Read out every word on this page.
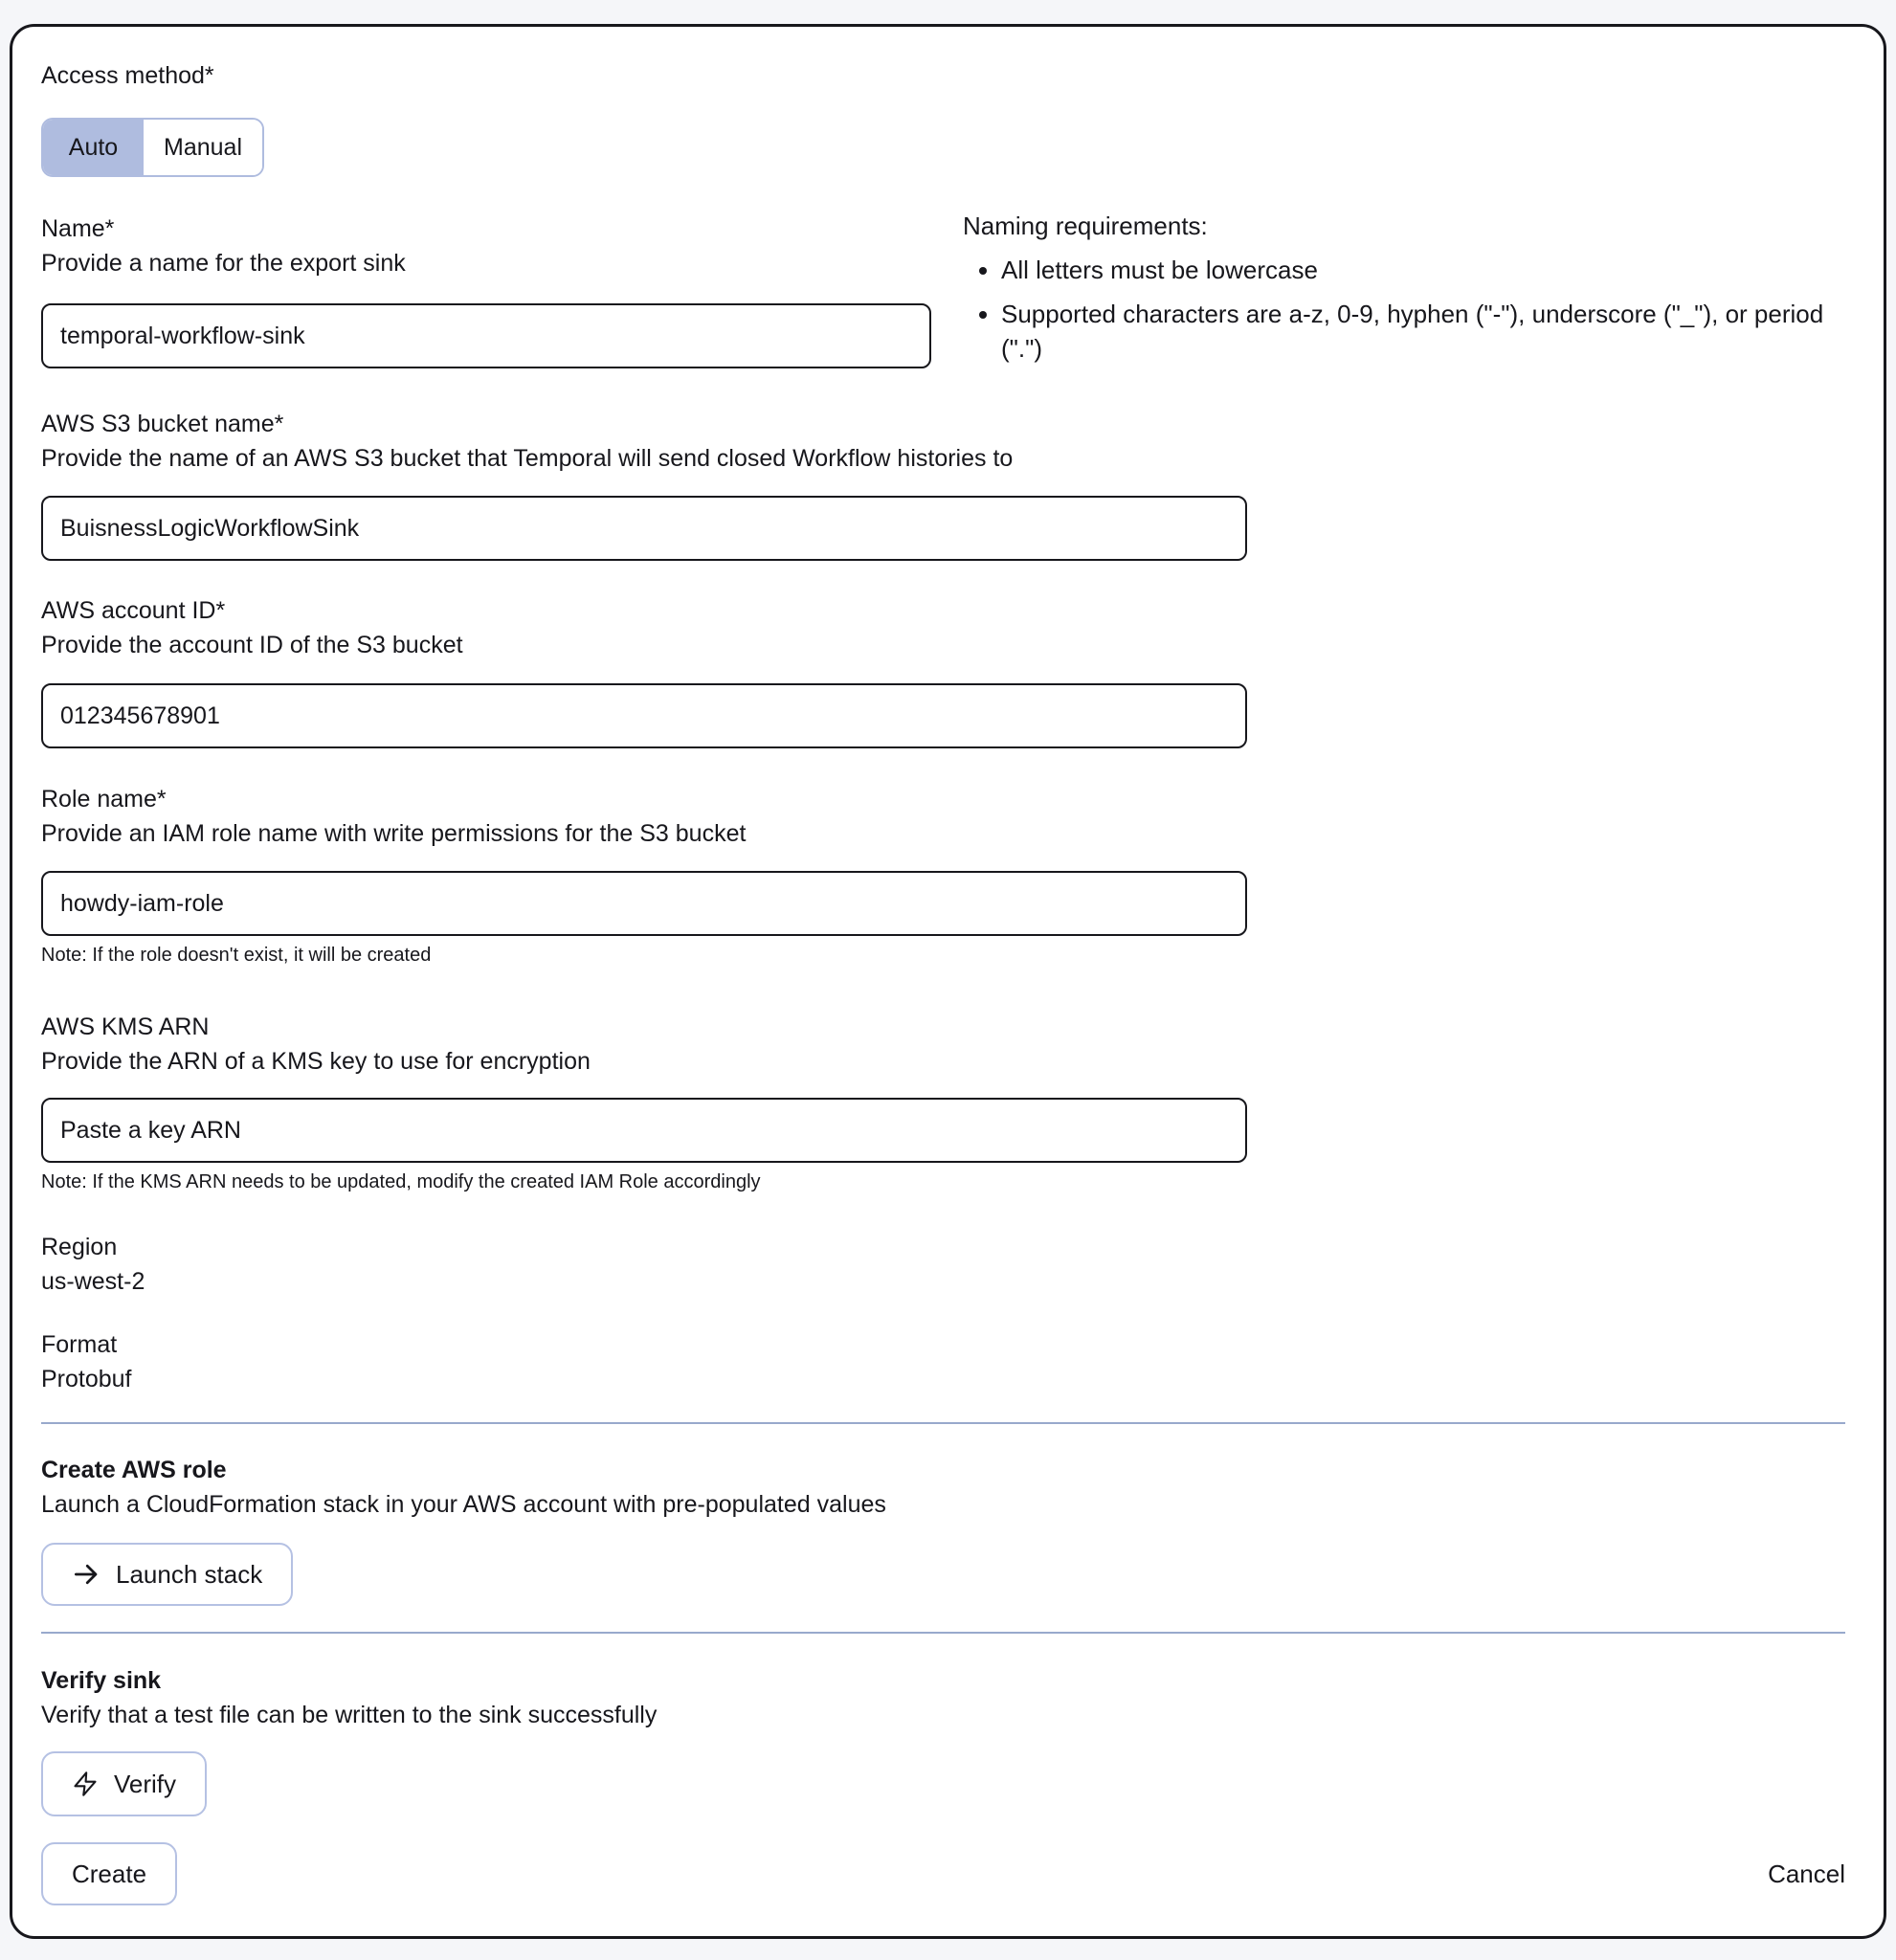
Access method*
Auto	Manual
Name*
Provide a name for the export sink
temporal-workflow-sink
AWS S3 bucket name*
Provide the name of an AWS S3 bucket that Temporal will send closed Workflow histories to
BuisnessLogicWorkflowSink
AWS account ID*
Provide the account ID of the S3 bucket
012345678901
Role name*
Provide an IAM role name with write permissions for the S3 bucket
howdy-iam-role
Note: If the role doesn't exist, it will be created
AWS KMS ARN
Provide the ARN of a KMS key to use for encryption
Paste a key ARN
Note: If the KMS ARN needs to be updated, modify the created IAM Role accordingly
Region
us-west-2
Format
Protobuf
Create AWS role
Launch a CloudFormation stack in your AWS account with pre-populated values
Launch stack
Verify sink
Verify that a test file can be written to the sink successfully
Verify
Create	Cancel
Naming requirements:
• All letters must be lowercase
• Supported characters are a-z, 0-9, hyphen ("-"), underscore ("_"), or period (".")
